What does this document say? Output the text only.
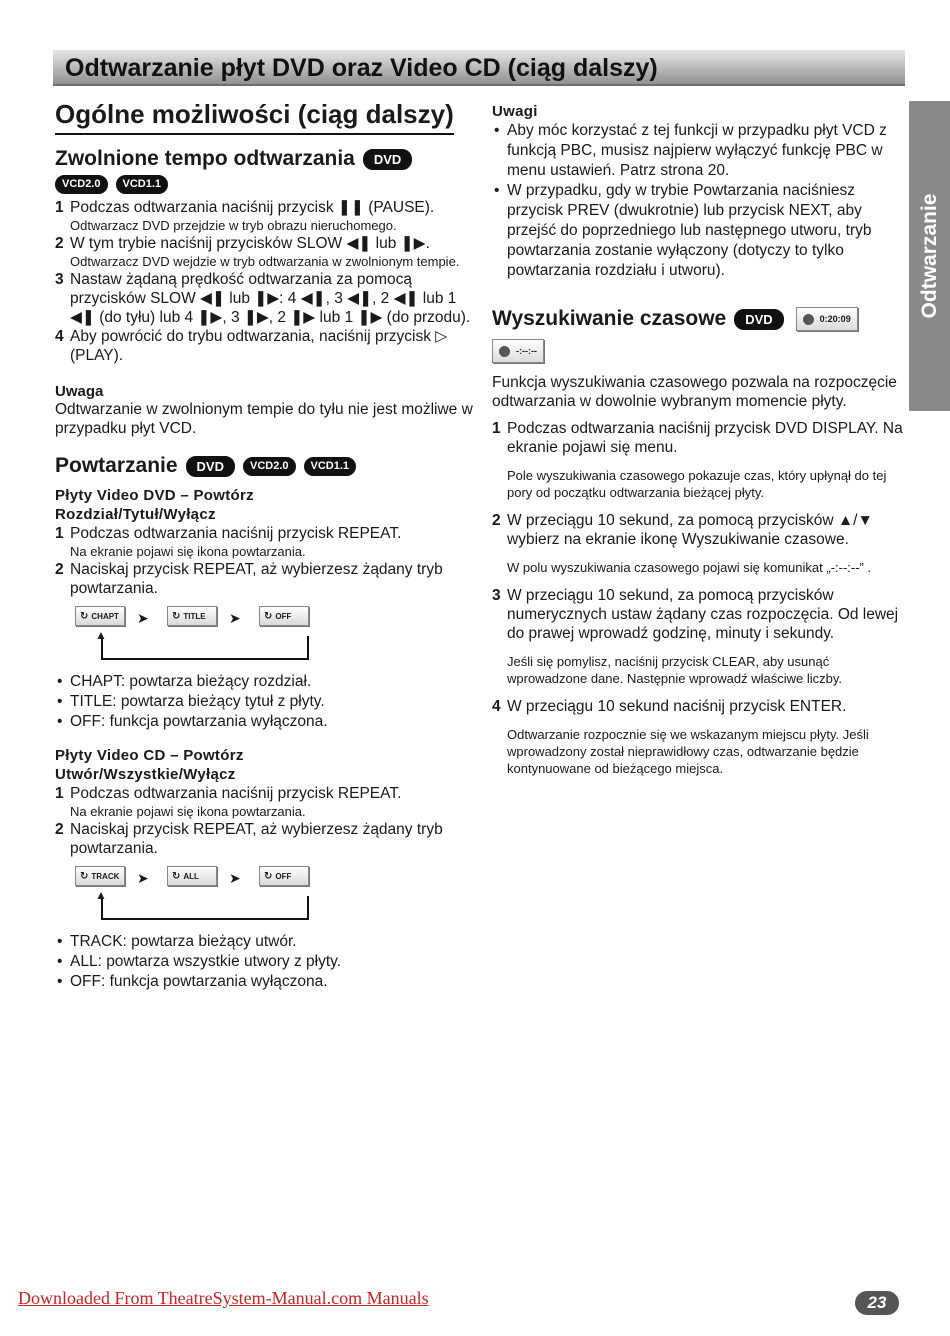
Odtwarzanie płyt DVD oraz Video CD (ciąg dalszy)
Odtwarzanie
Ogólne możliwości (ciąg dalszy)
Zwolnione tempo odtwarzania	DVD
VCD2.0	VCD1.1
1 Podczas odtwarzania naciśnij przycisk ❚❚ (PAUSE).
Odtwarzacz DVD przejdzie w tryb obrazu nieruchomego.
2 W tym trybie naciśnij przycisków SLOW ◀❚ lub ❚▶.
Odtwarzacz DVD wejdzie w tryb odtwarzania w zwolnionym tempie.
3 Nastaw żądaną prędkość odtwarzania za pomocą przycisków SLOW ◀❚ lub ❚▶: 4 ◀❚, 3 ◀❚, 2 ◀❚ lub 1 ◀❚ (do tyłu) lub 4 ❚▶, 3 ❚▶, 2 ❚▶ lub 1 ❚▶ (do przodu).
4 Aby powrócić do trybu odtwarzania, naciśnij przycisk ▷ (PLAY).
Uwaga
Odtwarzanie w zwolnionym tempie do tyłu nie jest możliwe w przypadku płyt VCD.
Powtarzanie	DVD	VCD2.0	VCD1.1
Płyty Video DVD – Powtórz
Rozdział/Tytuł/Wyłącz
1 Podczas odtwarzania naciśnij przycisk REPEAT.
Na ekranie pojawi się ikona powtarzania.
2 Naciskaj przycisk REPEAT, aż wybierzesz żądany tryb powtarzania.
↻ CHAPT ➤ ↻ TITLE ➤ ↻ OFF
▲
• CHAPT: powtarza bieżący rozdział.
• TITLE: powtarza bieżący tytuł z płyty.
• OFF: funkcja powtarzania wyłączona.
Płyty Video CD – Powtórz
Utwór/Wszystkie/Wyłącz
1 Podczas odtwarzania naciśnij przycisk REPEAT.
Na ekranie pojawi się ikona powtarzania.
2 Naciskaj przycisk REPEAT, aż wybierzesz żądany tryb powtarzania.
↻ TRACK ➤ ↻ ALL ➤ ↻ OFF
▲
• TRACK: powtarza bieżący utwór.
• ALL: powtarza wszystkie utwory z płyty.
• OFF: funkcja powtarzania wyłączona.
Uwagi
• Aby móc korzystać z tej funkcji w przypadku płyt VCD z funkcją PBC, musisz najpierw wyłączyć funkcję PBC w menu ustawień. Patrz strona 20.
• W przypadku, gdy w trybie Powtarzania naciśniesz przycisk PREV (dwukrotnie) lub przycisk NEXT, aby przejść do poprzedniego lub następnego utworu, tryb powtarzania zostanie wyłączony (dotyczy to tylko powtarzania rozdziału i utworu).
Wyszukiwanie czasowe	DVD	0:20:09
-:--:--
Funkcja wyszukiwania czasowego pozwala na rozpoczęcie odtwarzania w dowolnie wybranym momencie płyty.
1 Podczas odtwarzania naciśnij przycisk DVD DISPLAY. Na ekranie pojawi się menu.
Pole wyszukiwania czasowego pokazuje czas, który upłynął do tej pory od początku odtwarzania bieżącej płyty.
2 W przeciągu 10 sekund, za pomocą przycisków ▲/▼ wybierz na ekranie ikonę Wyszukiwanie czasowe.
W polu wyszukiwania czasowego pojawi się komunikat „-:--:--” .
3 W przeciągu 10 sekund, za pomocą przycisków numerycznych ustaw żądany czas rozpoczęcia. Od lewej do prawej wprowadź godzinę, minuty i sekundy.
Jeśli się pomylisz, naciśnij przycisk CLEAR, aby usunąć wprowadzone dane. Następnie wprowadź właściwe liczby.
4 W przeciągu 10 sekund naciśnij przycisk ENTER.
Odtwarzanie rozpocznie się we wskazanym miejscu płyty. Jeśli wprowadzony został nieprawidłowy czas, odtwarzanie będzie kontynuowane od bieżącego miejsca.
Downloaded From TheatreSystem-Manual.com Manuals	23
